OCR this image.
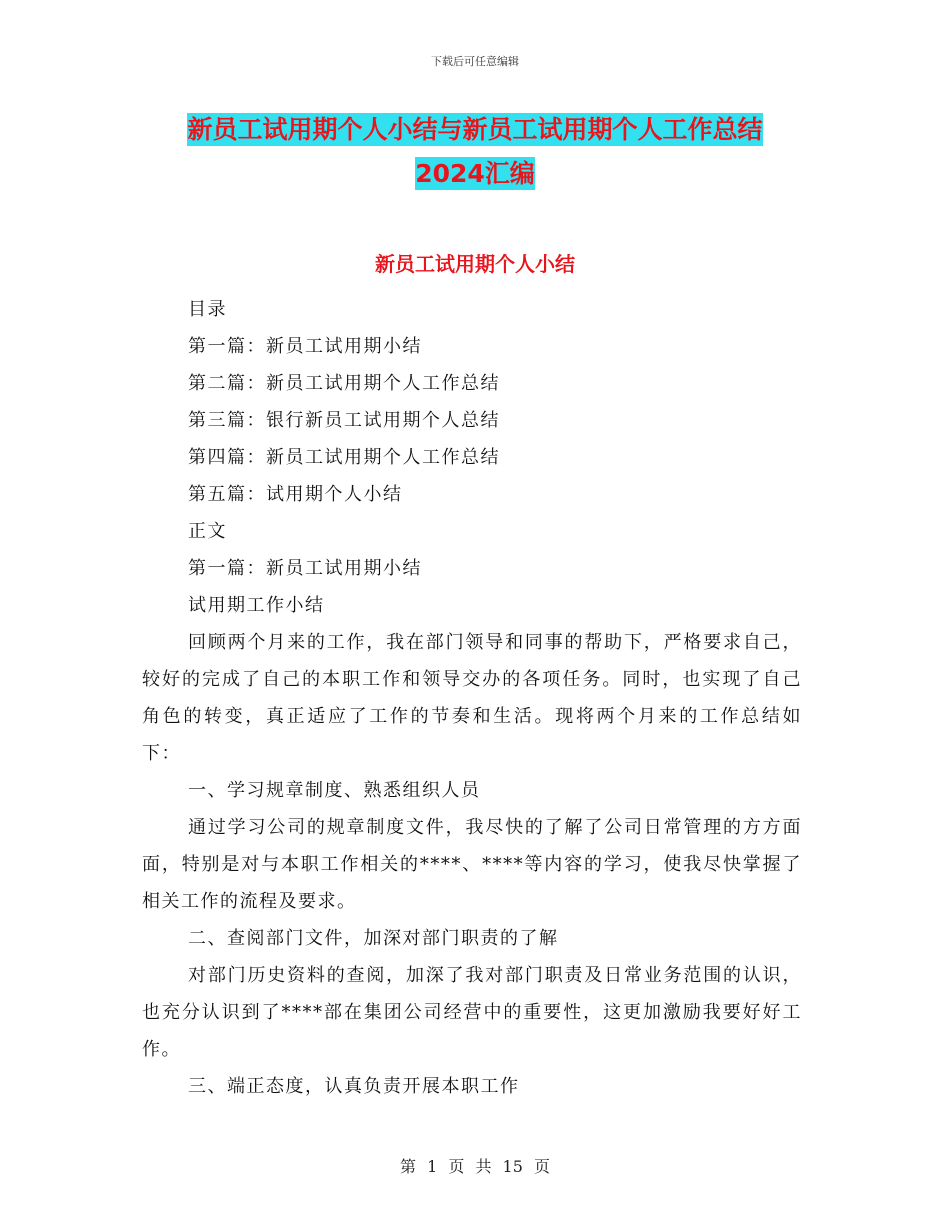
下载后可任意编辑
新员工试用期个人小结与新员工试用期个人工作总结
2024汇编
新员工试用期个人小结
目录
第一篇：新员工试用期小结
第二篇：新员工试用期个人工作总结
第三篇：银行新员工试用期个人总结
第四篇：新员工试用期个人工作总结
第五篇：试用期个人小结
正文
第一篇：新员工试用期小结
试用期工作小结
回顾两个月来的工作，我在部门领导和同事的帮助下，严格要求自己，较好的完成了自己的本职工作和领导交办的各项任务。同时，也实现了自己角色的转变，真正适应了工作的节奏和生活。现将两个月来的工作总结如下：
一、学习规章制度、熟悉组织人员
通过学习公司的规章制度文件，我尽快的了解了公司日常管理的方方面面，特别是对与本职工作相关的****、****等内容的学习，使我尽快掌握了相关工作的流程及要求。
二、查阅部门文件，加深对部门职责的了解
对部门历史资料的查阅，加深了我对部门职责及日常业务范围的认识，也充分认识到了****部在集团公司经营中的重要性，这更加激励我要好好工作。
三、端正态度，认真负责开展本职工作
第 1 页 共 15 页
